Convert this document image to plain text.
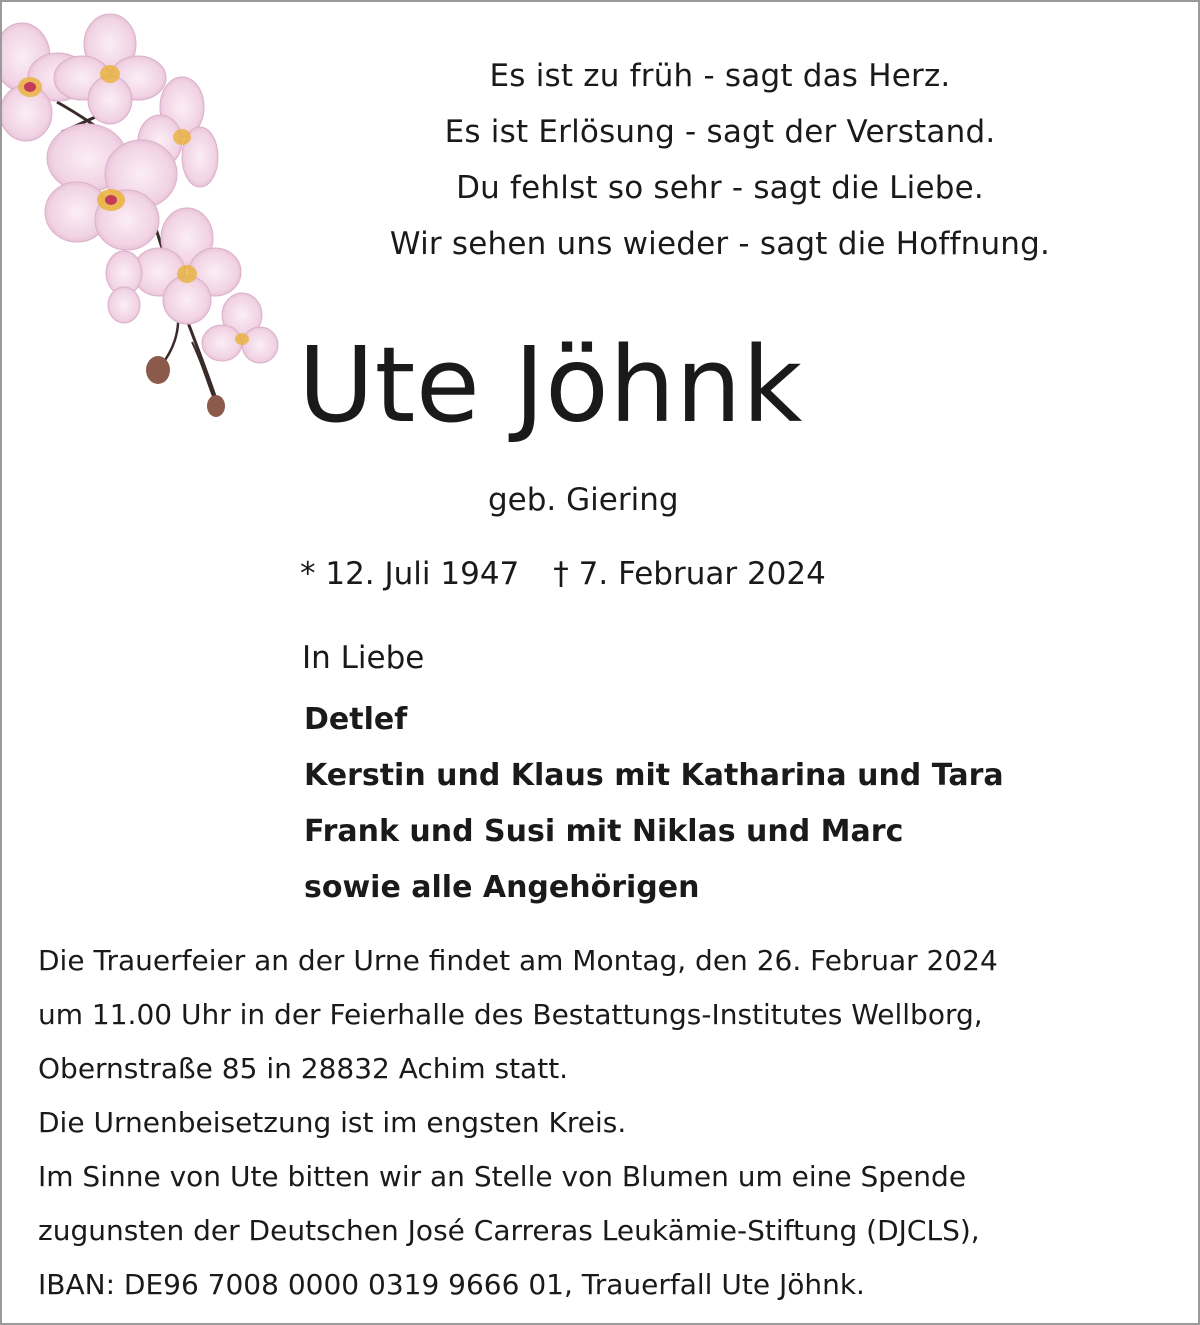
Es ist zu früh - sagt das Herz.
Es ist Erlösung - sagt der Verstand.
Du fehlst so sehr - sagt die Liebe.
Wir sehen uns wieder - sagt die Hoffnung.
Ute Jöhnk
geb. Giering
* 12. Juli 1947 † 7. Februar 2024
In Liebe
Detlef
Kerstin und Klaus mit Katharina und Tara
Frank und Susi mit Niklas und Marc
sowie alle Angehörigen
Die Trauerfeier an der Urne findet am Montag, den 26. Februar 2024
um 11.00 Uhr in der Feierhalle des Bestattungs-Institutes Wellborg,
Obernstraße 85 in 28832 Achim statt.
Die Urnenbeisetzung ist im engsten Kreis.
Im Sinne von Ute bitten wir an Stelle von Blumen um eine Spende
zugunsten der Deutschen José Carreras Leukämie-Stiftung (DJCLS),
IBAN: DE96 7008 0000 0319 9666 01, Trauerfall Ute Jöhnk.
